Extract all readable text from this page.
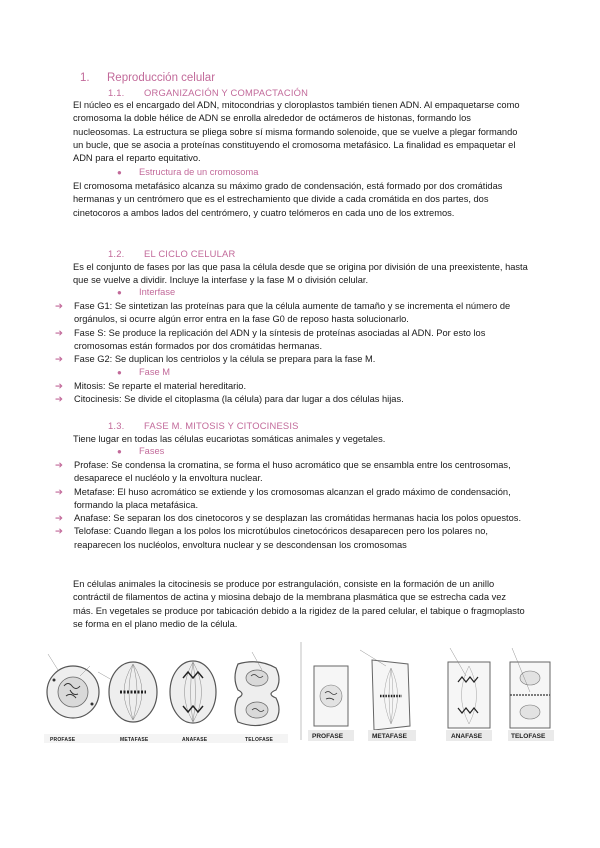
1. Reproducción celular
1.1. ORGANIZACIÓN Y COMPACTACIÓN

El núcleo es el encargado del ADN, mitocondrias y cloroplastos también tienen ADN. Al empaquetarse como cromosoma la doble hélice de ADN se enrolla alrededor de octámeros de histonas, formando los nucleosomas. La estructura se pliega sobre sí misma formando solenoide, que se vuelve a plegar formando un bucle, que se asocia a proteínas constituyendo el cromosoma metafásico. La finalidad es empaquetar el ADN para el reparto equitativo.

● Estructura de un cromosoma

El cromosoma metafásico alcanza su máximo grado de condensación, está formado por dos cromátidas hermanas y un centrómero que es el estrechamiento que divide a cada cromátida en dos partes, dos cinetocoros a ambos lados del centrómero, y cuatro telómeros en cada uno de los extremos.

1.2. EL CICLO CELULAR

Es el conjunto de fases por las que pasa la célula desde que se origina por división de una preexistente, hasta que se vuelve a dividir. Incluye la interfase y la fase M o división celular.

● Interfase
➔ Fase G1: Se sintetizan las proteínas para que la célula aumente de tamaño y se incrementa el número de orgánulos, si ocurre algún error entra en la fase G0 de reposo hasta solucionarlo.
➔ Fase S: Se produce la replicación del ADN y la síntesis de proteínas asociadas al ADN. Por esto los cromosomas están formados por dos cromátidas hermanas.
➔ Fase G2: Se duplican los centriolos y la célula se prepara para la fase M.
● Fase M
➔ Mitosis: Se reparte el material hereditario.
➔ Citocinesis: Se divide el citoplasma (la célula) para dar lugar a dos células hijas.
1.3. FASE M. MITOSIS Y CITOCINESIS

Tiene lugar en todas las células eucariotas somáticas animales y vegetales.

● Fases
➔ Profase: Se condensa la cromatina, se forma el huso acromático que se ensambla entre los centrosomas, desaparece el nucléolo y la envoltura nuclear.
➔ Metafase: El huso acromático se extiende y los cromosomas alcanzan el grado máximo de condensación, formando la placa metafásica.
➔ Anafase: Se separan los dos cinetocoros y se desplazan las cromátidas hermanas hacia los polos opuestos.
➔ Telofase: Cuando llegan a los polos los microtúbulos cinetocóricos desaparecen pero los polares no, reaparecen los nucléolos, envoltura nuclear y se descondensan los cromosomas

En células animales la citocinesis se produce por estrangulación, consiste en la formación de un anillo contráctil de filamentos de actina y miosina debajo de la membrana plasmática que se estrecha cada vez más. En vegetales se produce por tabicación debido a la rigidez de la pared celular, el tabique o fragmoplasto se forma en el plano medio de la célula.

PROFASE	METAFASE	ANAFASE	TELOFASE	PROFASE	METAFASE	ANAFASE	TELOFASE
